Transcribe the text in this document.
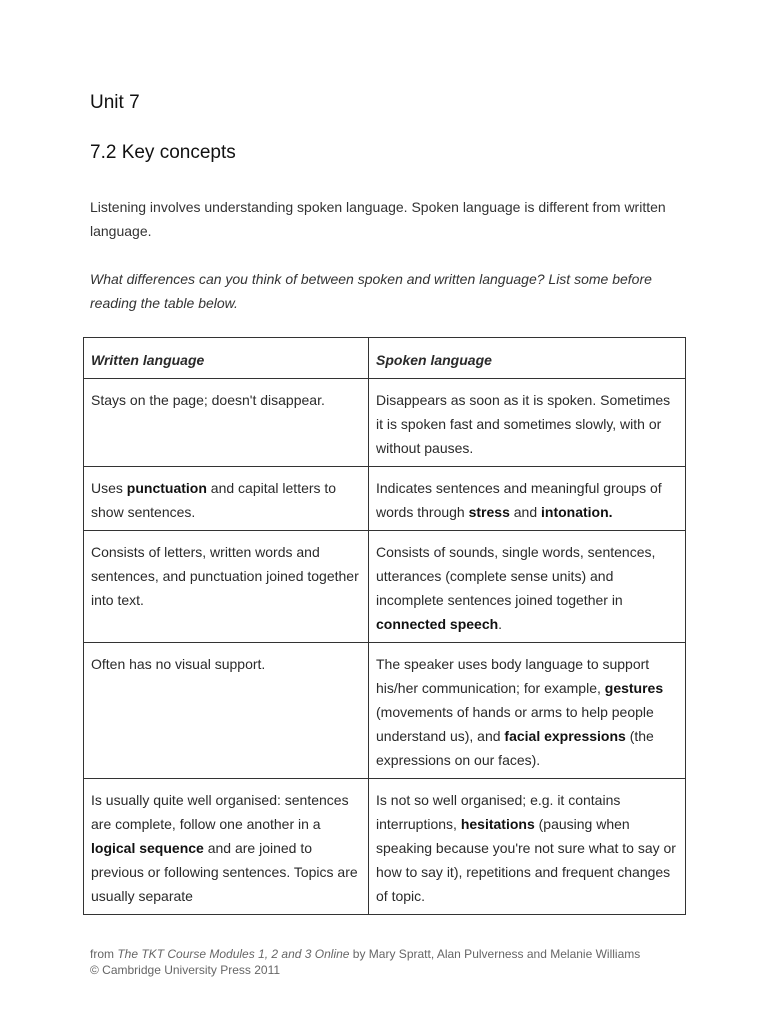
Unit 7
7.2 Key concepts

Listening involves understanding spoken language. Spoken language is different from written language.

What differences can you think of between spoken and written language? List some before reading the table below.

Written language	Spoken language
Stays on the page; doesn't disappear.	Disappears as soon as it is spoken. Sometimes it is spoken fast and sometimes slowly, with or without pauses.
Uses punctuation and capital letters to show sentences.	Indicates sentences and meaningful groups of words through stress and intonation.
Consists of letters, written words and sentences, and punctuation joined together into text.	Consists of sounds, single words, sentences, utterances (complete sense units) and incomplete sentences joined together in connected speech.
Often has no visual support.	The speaker uses body language to support his/her communication; for example, gestures (movements of hands or arms to help people understand us), and facial expressions (the expressions on our faces).
Is usually quite well organised: sentences are complete, follow one another in a logical sequence and are joined to previous or following sentences. Topics are usually separate	Is not so well organised; e.g. it contains interruptions, hesitations (pausing when speaking because you're not sure what to say or how to say it), repetitions and frequent changes of topic.

from The TKT Course Modules 1, 2 and 3 Online by Mary Spratt, Alan Pulverness and Melanie Williams
© Cambridge University Press 2011
